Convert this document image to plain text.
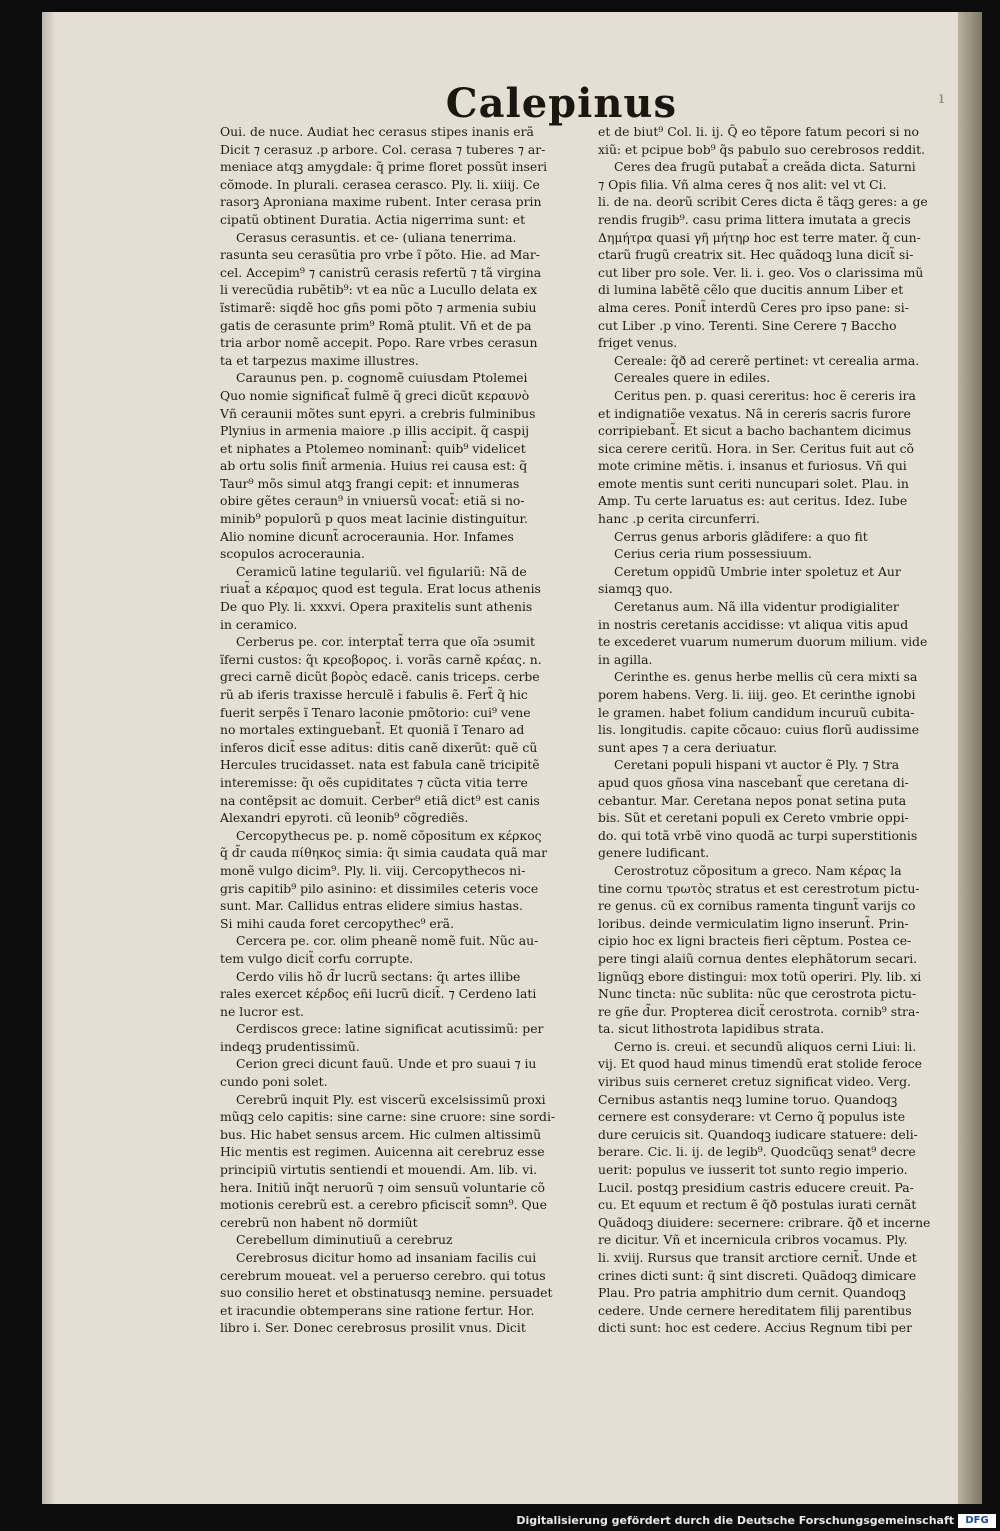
Calepinus	ı
Oui. de nuce. Audiat hec cerasus stipes inanis erã
Dicit ⁊ cerasuz .p arbore. Col. cerasa ⁊ tuberes ⁊ ar-
meniace atqꝫ amygdale: q̃ prime floret possũt inseri
cõmode. In plurali. cerasea cerasco. Ply. li. xiiij. Ce
rasorꝫ Aproniana maxime rubent. Inter cerasa prin
cipatũ obtinent Duratia. Actia nigerrima sunt: et
Cerasus cerasuntis. et ce- (uliana tenerrima.
rasunta seu cerasũtia pro vrbe ĩ põto. Hie. ad Mar-
cel. Accepim⁹ ⁊ canistrũ cerasis refertũ ⁊ tã virgina
li verecũdia rubẽtib⁹: vt ea nũc a Lucullo delata ex
ĩstimarẽ: siqdẽ hoc gñs pomi põto ⁊ armenia subiu
gatis de cerasunte prim⁹ Romã ptulit. Vñ et de pa
tria arbor nomẽ accepit. Popo. Rare vrbes cerasun
ta et tarpezus maxime illustres.
Caraunus pen. p. cognomẽ cuiusdam Ptolemei
Quo nomie significat̃ fulmẽ q̃ greci dicũt κεραυνὸ
Vñ ceraunii mõtes sunt epyri. a crebris fulminibus
Plynius in armenia maiore .p illis accipit. q̃ caspij
et niphates a Ptolemeo nominant̃: quib⁹ videlicet
ab ortu solis finit̃ armenia. Huius rei causa est: q̃
Taur⁹ mõs simul atqꝫ frangi cepit: et innumeras
obire gẽtes ceraun⁹ in vniuersũ vocat̃: etiã si no-
minib⁹ populorũ p quos meat lacinie distinguitur.
Alio nomine dicunt̃ acroceraunia. Hor. Infames
scopulos acroceraunia.
Ceramicũ latine tegulariũ. vel figulariũ: Nã de
riuat̃ a κέραμος quod est tegula. Erat locus athenis
De quo Ply. li. xxxvi. Opera praxitelis sunt athenis
in ceramico.
Cerberus pe. cor. interptat̃ terra que oĩa ↄsumit
ĩferni custos: q̃ι κρεοβορος. i. vorãs carnẽ κρέας. n.
greci carnẽ dicũt βορὸς edacẽ. canis triceps. cerbe
rũ ab iferis traxisse herculẽ i fabulis ẽ. Fert̃ q̃ hic
fuerit serpẽs ĩ Tenaro laconie pmõtorio: cui⁹ vene
no mortales extinguebant̃. Et quoniã ĩ Tenaro ad
inferos dicit̃ esse aditus: ditis canẽ dixerũt: quẽ cũ
Hercules trucidasset. nata est fabula canẽ tricipitẽ
interemisse: q̃ι oẽs cupiditates ⁊ cũcta vitia terre
na contẽpsit ac domuit. Cerber⁹ etiã dict⁹ est canis
Alexandri epyroti. cũ leonib⁹ cõgrediẽs.
Cercopythecus pe. p. nomẽ cõpositum ex κέρκος
q̃ d̃r cauda πίθηκος simia: q̃ι simia caudata quã mar
monẽ vulgo dicim⁹. Ply. li. viij. Cercopythecos ni-
gris capitib⁹ pilo asinino: et dissimiles ceteris voce
sunt. Mar. Callidus entras elidere simius hastas.
Si mihi cauda foret cercopythec⁹ erã.
Cercera pe. cor. olim pheanẽ nomẽ fuit. Nũc au-
tem vulgo dicit̃ corfu corrupte.
Cerdo vilis hõ d̃r lucrũ sectans: q̃ι artes illibe
rales exercet κέρδος eñi lucrũ dicit̃. ⁊ Cerdeno lati
ne lucror est.
Cerdiscos grece: latine significat acutissimũ: per
indeqꝫ prudentissimũ.
Cerion greci dicunt fauũ. Unde et pro suaui ⁊ iu
cundo poni solet.
Cerebrũ inquit Ply. est viscerũ excelsissimũ proxi
mũqꝫ celo capitis: sine carne: sine cruore: sine sordi-
bus. Hic habet sensus arcem. Hic culmen altissimũ
Hic mentis est regimen. Auicenna ait cerebruz esse
principiũ virtutis sentiendi et mouendi. Am. lib. vi.
hera. Initiũ inq̃t neruorũ ⁊ oim sensuũ voluntarie cõ
motionis cerebrũ est. a cerebro pficiscit̃ somn⁹. Que
cerebrũ non habent nõ dormiũt
Cerebellum diminutiuũ a cerebruz
Cerebrosus dicitur homo ad insaniam facilis cui
cerebrum moueat. vel a peruerso cerebro. qui totus
suo consilio heret et obstinatusqꝫ nemine. persuadet
et iracundie obtemperans sine ratione fertur. Hor.
libro i. Ser. Donec cerebrosus prosilit vnus. Dicit
et de biut⁹ Col. li. ij. Q̃ eo tẽpore fatum pecori si no
xiũ: et pcipue bob⁹ q̃s pabulo suo cerebrosos reddit.
Ceres dea frugũ putabat̃ a creãda dicta. Saturni
⁊ Opis filia. Vñ alma ceres q̃ nos alit: vel vt Ci.
li. de na. deorũ scribit Ceres dicta ẽ tãqꝫ geres: a ge
rendis frugib⁹. casu prima littera imutata a grecis
Δημήτρα quasi γῆ μήτηρ hoc est terre mater. q̃ cun-
ctarũ frugũ creatrix sit. Hec quãdoqꝫ luna dicit̃ si-
cut liber pro sole. Ver. li. i. geo. Vos o clarissima mũ
di lumina labẽtẽ cẽlo que ducitis annum Liber et
alma ceres. Ponit̃ interdũ Ceres pro ipso pane: si-
cut Liber .p vino. Terenti. Sine Cerere ⁊ Baccho
friget venus.
Cereale: q̃ð ad cererẽ pertinet: vt cerealia arma.
Cereales quere in ediles.
Ceritus pen. p. quasi cereritus: hoc ẽ cereris ira
et indignatiõe vexatus. Nã in cereris sacris furore
corripiebant̃. Et sicut a bacho bachantem dicimus
sica cerere ceritũ. Hora. in Ser. Ceritus fuit aut cõ
mote crimine mẽtis. i. insanus et furiosus. Vñ qui
emote mentis sunt ceriti nuncupari solet. Plau. in
Amp. Tu certe laruatus es: aut ceritus. Idez. Iube
hanc .p cerita circunferri.
Cerrus genus arboris glãdifere: a quo fit
Cerius ceria rium possessiuum.
Ceretum oppidũ Umbrie inter spoletuz et Aur
siamqꝫ quo.
Ceretanus aum. Nã illa videntur prodigialiter
in nostris ceretanis accidisse: vt aliqua vitis apud
te excederet vuarum numerum duorum milium. vide
in agilla.
Cerinthe es. genus herbe mellis cũ cera mixti sa
porem habens. Verg. li. iiij. geo. Et cerinthe ignobi
le gramen. habet folium candidum incuruũ cubita-
lis. longitudis. capite cõcauo: cuius florũ audissime
sunt apes ⁊ a cera deriuatur.
Ceretani populi hispani vt auctor ẽ Ply. ⁊ Stra
apud quos gñosa vina nascebant̃ que ceretana di-
cebantur. Mar. Ceretana nepos ponat setina puta
bis. Sũt et ceretani populi ex Cereto vmbrie oppi-
do. qui totã vrbẽ vino quodã ac turpi superstitionis
genere ludificant.
Cerostrotuz cõpositum a greco. Nam κέρας la
tine cornu τρωτὸς stratus et est cerestrotum pictu-
re genus. cũ ex cornibus ramenta tingunt̃ varijs co
loribus. deinde vermiculatim ligno inserunt̃. Prin-
cipio hoc ex ligni bracteis fieri cẽptum. Postea ce-
pere tingi alaiũ cornua dentes elephãtorum secari.
lignũqꝫ ebore distingui: mox totũ operiri. Ply. lib. xi
Nunc tincta: nũc sublita: nũc que cerostrota pictu-
re gñe d̃ur. Propterea dicit̃ cerostrota. cornib⁹ stra-
ta. sicut lithostrota lapidibus strata.
Cerno is. creui. et secundũ aliquos cerni Liui: li.
vij. Et quod haud minus timendũ erat stolide feroce
viribus suis cerneret cretuz significat video. Verg.
Cernibus astantis neqꝫ lumine toruo. Quandoqꝫ
cernere est consyderare: vt Cerno q̃ populus iste
dure ceruicis sit. Quandoqꝫ iudicare statuere: deli-
berare. Cic. li. ij. de legib⁹. Quodcũqꝫ senat⁹ decre
uerit: populus ve iusserit tot sunto regio imperio.
Lucil. postqꝫ presidium castris educere creuit. Pa-
cu. Et equum et rectum ẽ q̃ð postulas iurati cernãt
Quãdoqꝫ diuidere: secernere: cribrare. q̃ð et incerne
re dicitur. Vñ et incernicula cribros vocamus. Ply.
li. xviij. Rursus que transit arctiore cernit̃. Unde et
crines dicti sunt: q̃ sint discreti. Quãdoqꝫ dimicare
Plau. Pro patria amphitrio dum cernit. Quandoqꝫ
cedere. Unde cernere hereditatem filij parentibus
dicti sunt: hoc est cedere. Accius Regnum tibi per
Digitalisierung gefördert durch die Deutsche Forschungsgemeinschaft	DFG
